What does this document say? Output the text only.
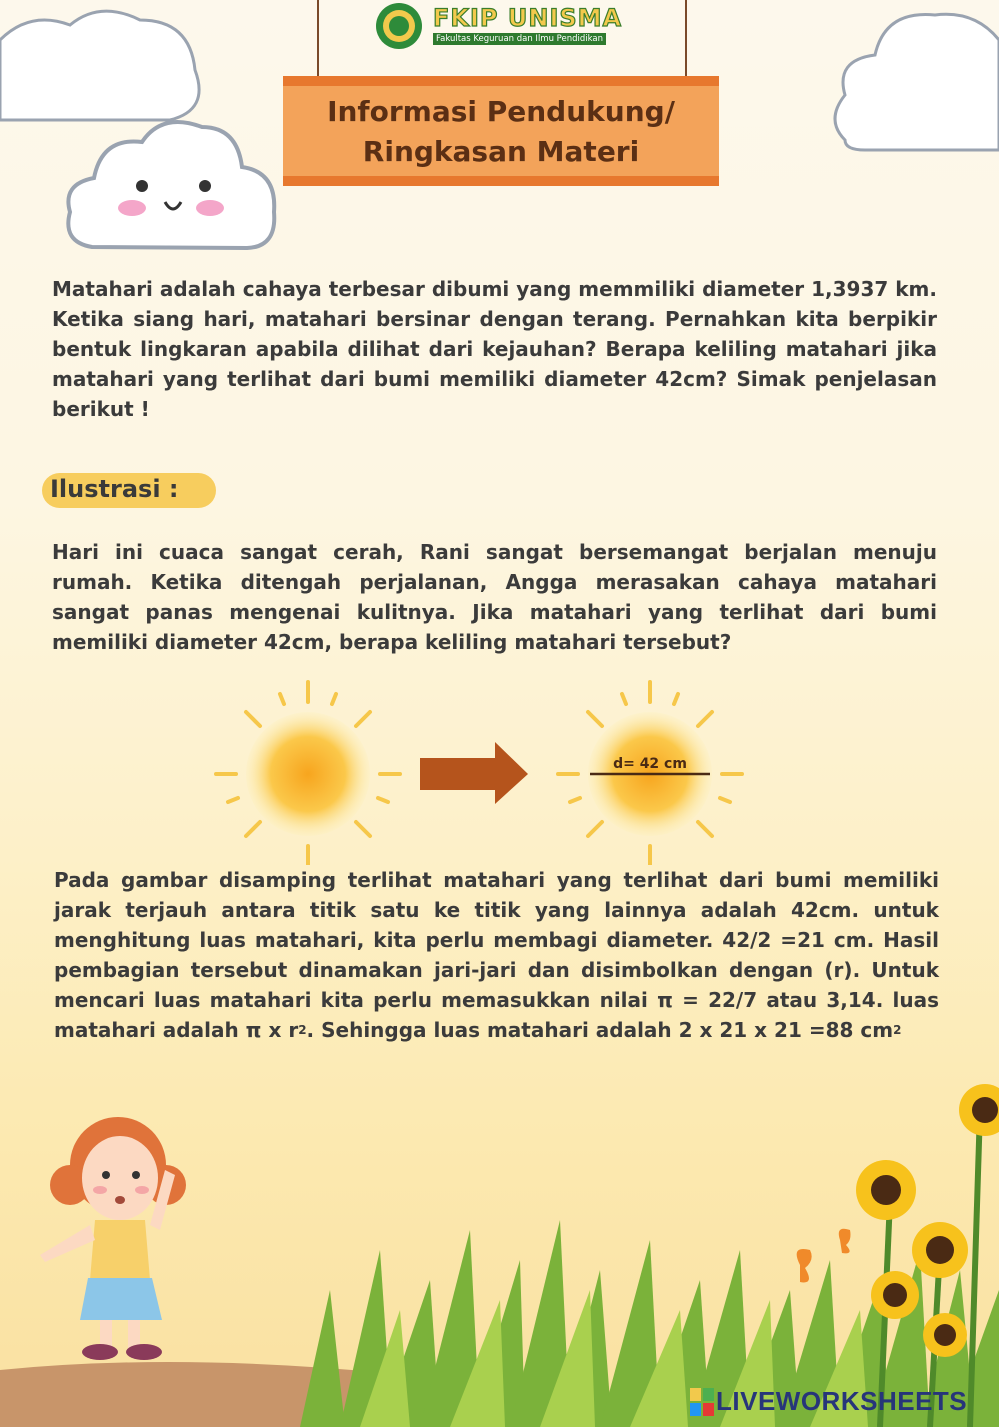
FKIP UNISMA
Fakultas Keguruan dan Ilmu Pendidikan
Informasi Pendukung/
Ringkasan Materi
Matahari adalah cahaya terbesar dibumi yang memmiliki diameter 1,3937 km. Ketika siang hari, matahari bersinar dengan terang. Pernahkan kita berpikir bentuk lingkaran apabila dilihat dari kejauhan? Berapa keliling matahari jika matahari yang terlihat dari bumi memiliki diameter 42cm? Simak penjelasan berikut !
Ilustrasi :
Hari ini cuaca sangat cerah, Rani sangat bersemangat berjalan menuju rumah. Ketika ditengah perjalanan, Angga merasakan cahaya matahari sangat panas mengenai kulitnya. Jika matahari yang terlihat dari bumi memiliki diameter 42cm, berapa keliling matahari tersebut?
d= 42 cm
Pada gambar disamping terlihat matahari yang terlihat dari bumi memiliki jarak terjauh antara titik satu ke titik yang lainnya adalah 42cm. untuk menghitung luas matahari, kita perlu membagi diameter. 42/2 =21 cm. Hasil pembagian tersebut dinamakan jari-jari dan disimbolkan dengan (r). Untuk mencari luas matahari kita perlu memasukkan nilai π = 22/7 atau 3,14. luas matahari adalah π x $r^2$. Sehingga luas matahari adalah 2 x 21 x 21 =88 $cm^2$
LIVEWORKSHEETS
